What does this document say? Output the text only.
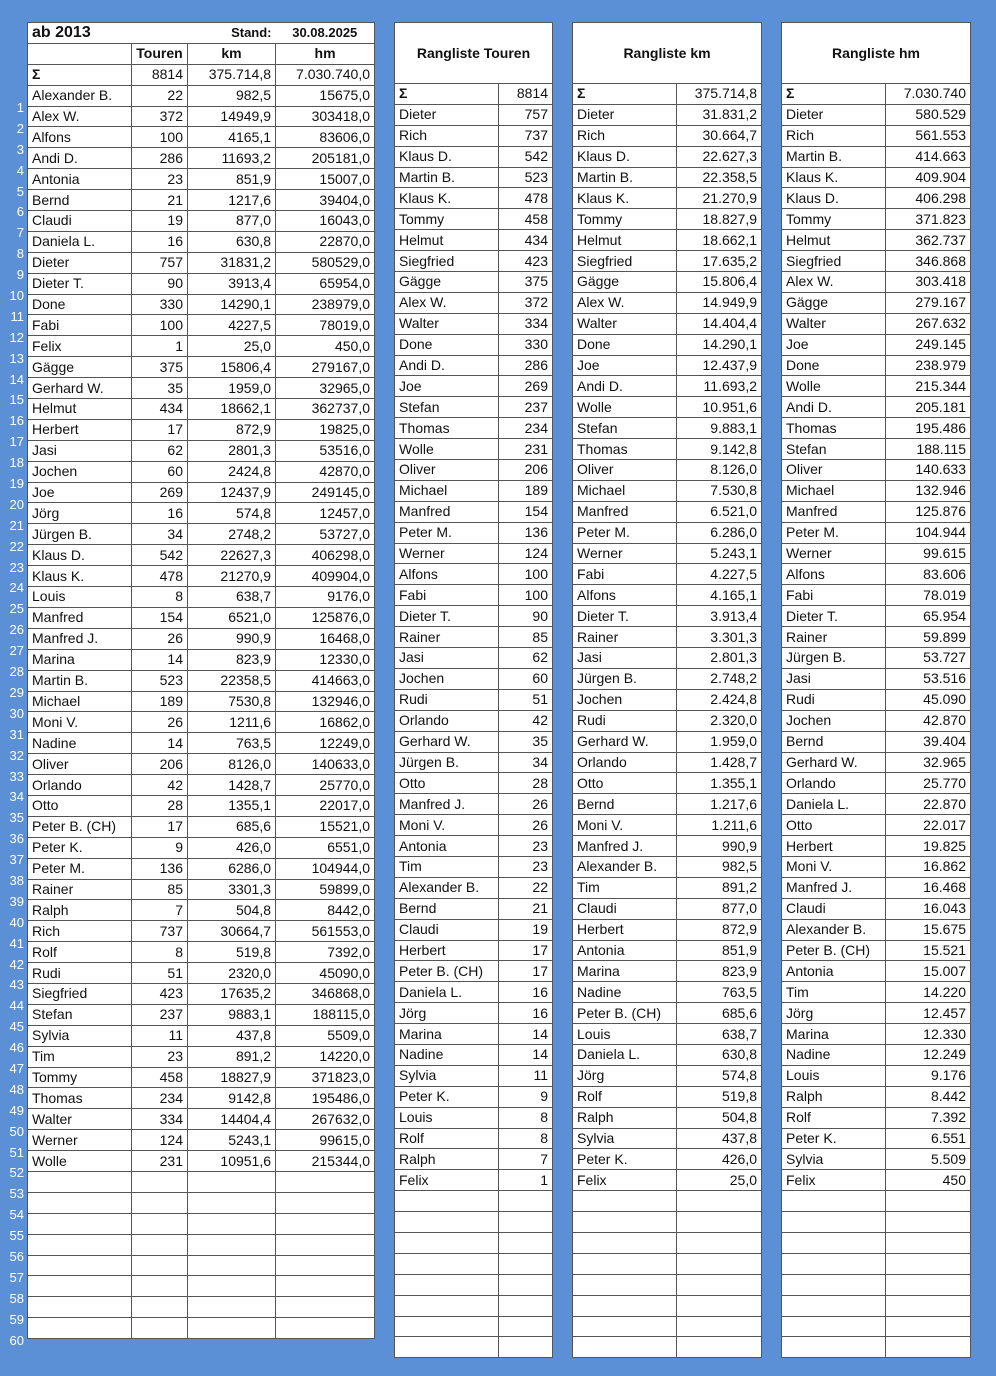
1
2
3
4
5
6
7
8
9
10
11
12
13
14
15
16
17
18
19
20
21
22
23
24
25
26
27
28
29
30
31
32
33
34
35
36
37
38
39
40
41
42
43
44
45
46
47
48
49
50
51
52
53
54
55
56
57
58
59
60
ab 2013	Stand:		30.08.2025
	Touren	km	hm
Σ	8814	375.714,8	7.030.740,0
Alexander B.	22	982,5	15675,0
Alex W.	372	14949,9	303418,0
Alfons	100	4165,1	83606,0
Andi D.	286	11693,2	205181,0
Antonia	23	851,9	15007,0
Bernd	21	1217,6	39404,0
Claudi	19	877,0	16043,0
Daniela L.	16	630,8	22870,0
Dieter	757	31831,2	580529,0
Dieter T.	90	3913,4	65954,0
Done	330	14290,1	238979,0
Fabi	100	4227,5	78019,0
Felix	1	25,0	450,0
Gägge	375	15806,4	279167,0
Gerhard W.	35	1959,0	32965,0
Helmut	434	18662,1	362737,0
Herbert	17	872,9	19825,0
Jasi	62	2801,3	53516,0
Jochen	60	2424,8	42870,0
Joe	269	12437,9	249145,0
Jörg	16	574,8	12457,0
Jürgen B.	34	2748,2	53727,0
Klaus D.	542	22627,3	406298,0
Klaus K.	478	21270,9	409904,0
Louis	8	638,7	9176,0
Manfred	154	6521,0	125876,0
Manfred J.	26	990,9	16468,0
Marina	14	823,9	12330,0
Martin B.	523	22358,5	414663,0
Michael	189	7530,8	132946,0
Moni V.	26	1211,6	16862,0
Nadine	14	763,5	12249,0
Oliver	206	8126,0	140633,0
Orlando	42	1428,7	25770,0
Otto	28	1355,1	22017,0
Peter B. (CH)	17	685,6	15521,0
Peter K.	9	426,0	6551,0
Peter M.	136	6286,0	104944,0
Rainer	85	3301,3	59899,0
Ralph	7	504,8	8442,0
Rich	737	30664,7	561553,0
Rolf	8	519,8	7392,0
Rudi	51	2320,0	45090,0
Siegfried	423	17635,2	346868,0
Stefan	237	9883,1	188115,0
Sylvia	11	437,8	5509,0
Tim	23	891,2	14220,0
Tommy	458	18827,9	371823,0
Thomas	234	9142,8	195486,0
Walter	334	14404,4	267632,0
Werner	124	5243,1	99615,0
Wolle	231	10951,6	215344,0

Rangliste Touren	
Σ	8814
Dieter	757
Rich	737
Klaus D.	542
Martin B.	523
Klaus K.	478
Tommy	458
Helmut	434
Siegfried	423
Gägge	375
Alex W.	372
Walter	334
Done	330
Andi D.	286
Joe	269
Stefan	237
Thomas	234
Wolle	231
Oliver	206
Michael	189
Manfred	154
Peter M.	136
Werner	124
Alfons	100
Fabi	100
Dieter T.	90
Rainer	85
Jasi	62
Jochen	60
Rudi	51
Orlando	42
Gerhard W.	35
Jürgen B.	34
Otto	28
Manfred J.	26
Moni V.	26
Antonia	23
Tim	23
Alexander B.	22
Bernd	21
Claudi	19
Herbert	17
Peter B. (CH)	17
Daniela L.	16
Jörg	16
Marina	14
Nadine	14
Sylvia	11
Peter K.	9
Louis	8
Rolf	8
Ralph	7
Felix	1

Rangliste km	
Σ	375.714,8
Dieter	31.831,2
Rich	30.664,7
Klaus D.	22.627,3
Martin B.	22.358,5
Klaus K.	21.270,9
Tommy	18.827,9
Helmut	18.662,1
Siegfried	17.635,2
Gägge	15.806,4
Alex W.	14.949,9
Walter	14.404,4
Done	14.290,1
Joe	12.437,9
Andi D.	11.693,2
Wolle	10.951,6
Stefan	9.883,1
Thomas	9.142,8
Oliver	8.126,0
Michael	7.530,8
Manfred	6.521,0
Peter M.	6.286,0
Werner	5.243,1
Fabi	4.227,5
Alfons	4.165,1
Dieter T.	3.913,4
Rainer	3.301,3
Jasi	2.801,3
Jürgen B.	2.748,2
Jochen	2.424,8
Rudi	2.320,0
Gerhard W.	1.959,0
Orlando	1.428,7
Otto	1.355,1
Bernd	1.217,6
Moni V.	1.211,6
Manfred J.	990,9
Alexander B.	982,5
Tim	891,2
Claudi	877,0
Herbert	872,9
Antonia	851,9
Marina	823,9
Nadine	763,5
Peter B. (CH)	685,6
Louis	638,7
Daniela L.	630,8
Jörg	574,8
Rolf	519,8
Ralph	504,8
Sylvia	437,8
Peter K.	426,0
Felix	25,0

Rangliste hm	
Σ	7.030.740
Dieter	580.529
Rich	561.553
Martin B.	414.663
Klaus K.	409.904
Klaus D.	406.298
Tommy	371.823
Helmut	362.737
Siegfried	346.868
Alex W.	303.418
Gägge	279.167
Walter	267.632
Joe	249.145
Done	238.979
Wolle	215.344
Andi D.	205.181
Thomas	195.486
Stefan	188.115
Oliver	140.633
Michael	132.946
Manfred	125.876
Peter M.	104.944
Werner	99.615
Alfons	83.606
Fabi	78.019
Dieter T.	65.954
Rainer	59.899
Jürgen B.	53.727
Jasi	53.516
Rudi	45.090
Jochen	42.870
Bernd	39.404
Gerhard W.	32.965
Orlando	25.770
Daniela L.	22.870
Otto	22.017
Herbert	19.825
Moni V.	16.862
Manfred J.	16.468
Claudi	16.043
Alexander B.	15.675
Peter B. (CH)	15.521
Antonia	15.007
Tim	14.220
Jörg	12.457
Marina	12.330
Nadine	12.249
Louis	9.176
Ralph	8.442
Rolf	7.392
Peter K.	6.551
Sylvia	5.509
Felix	450
